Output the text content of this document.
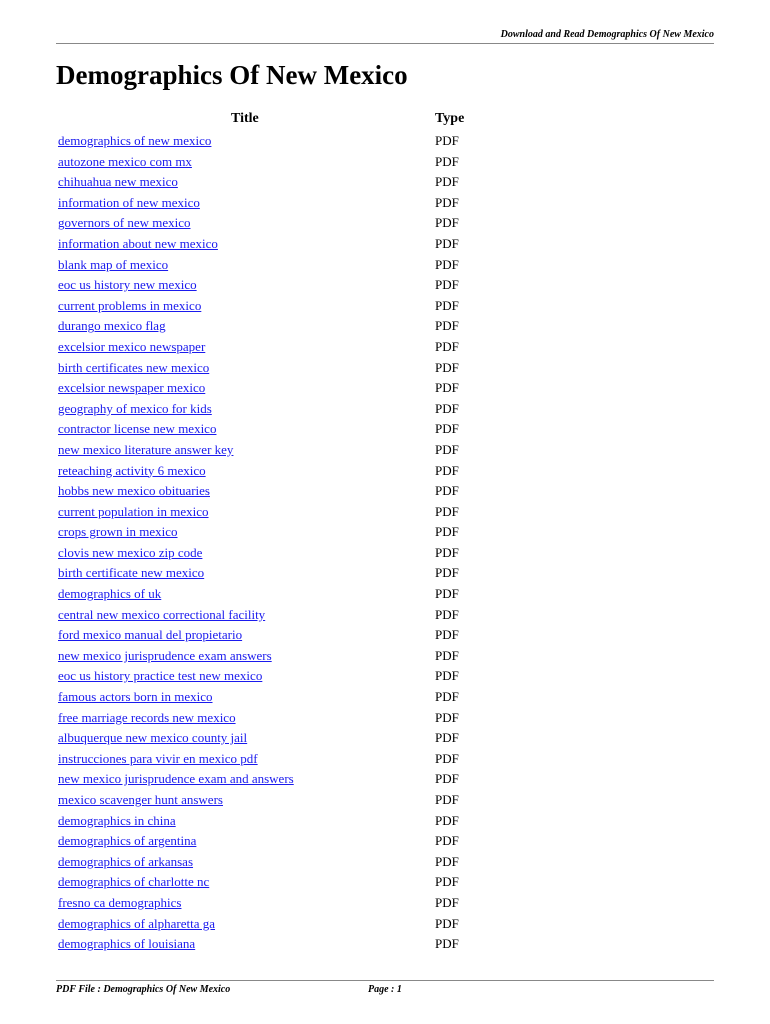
Download and Read Demographics Of New Mexico
Demographics Of New Mexico
Title	Type
demographics of new mexico	PDF
autozone mexico com mx	PDF
chihuahua new mexico	PDF
information of new mexico	PDF
governors of new mexico	PDF
information about new mexico	PDF
blank map of mexico	PDF
eoc us history new mexico	PDF
current problems in mexico	PDF
durango mexico flag	PDF
excelsior mexico newspaper	PDF
birth certificates new mexico	PDF
excelsior newspaper mexico	PDF
geography of mexico for kids	PDF
contractor license new mexico	PDF
new mexico literature answer key	PDF
reteaching activity 6 mexico	PDF
hobbs new mexico obituaries	PDF
current population in mexico	PDF
crops grown in mexico	PDF
clovis new mexico zip code	PDF
birth certificate new mexico	PDF
demographics of uk	PDF
central new mexico correctional facility	PDF
ford mexico manual del propietario	PDF
new mexico jurisprudence exam answers	PDF
eoc us history practice test new mexico	PDF
famous actors born in mexico	PDF
free marriage records new mexico	PDF
albuquerque new mexico county jail	PDF
instrucciones para vivir en mexico pdf	PDF
new mexico jurisprudence exam and answers	PDF
mexico scavenger hunt answers	PDF
demographics in china	PDF
demographics of argentina	PDF
demographics of arkansas	PDF
demographics of charlotte nc	PDF
fresno ca demographics	PDF
demographics of alpharetta ga	PDF
demographics of louisiana	PDF
PDF File : Demographics Of New Mexico	Page : 1
